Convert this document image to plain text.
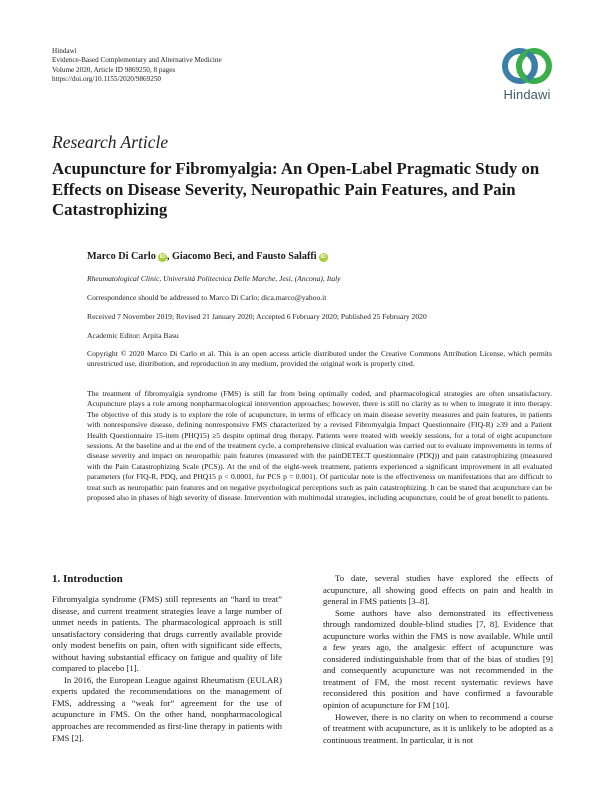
Hindawi
Evidence-Based Complementary and Alternative Medicine
Volume 2020, Article ID 9869250, 8 pages
https://doi.org/10.1155/2020/9869250
Hindawi
Research Article
Acupuncture for Fibromyalgia: An Open-Label Pragmatic Study on Effects on Disease Severity, Neuropathic Pain Features, and Pain Catastrophizing
Marco Di Carlo iD , Giacomo Beci, and Fausto Salaffi iD
Rheumatological Clinic, Università Politecnica Delle Marche, Jesi, (Ancona), Italy
Correspondence should be addressed to Marco Di Carlo; dica.marco@yahoo.it
Received 7 November 2019; Revised 21 January 2020; Accepted 6 February 2020; Published 25 February 2020
Academic Editor: Arpita Basu
Copyright © 2020 Marco Di Carlo et al. This is an open access article distributed under the Creative Commons Attribution License, which permits unrestricted use, distribution, and reproduction in any medium, provided the original work is properly cited.

The treatment of fibromyalgia syndrome (FMS) is still far from being optimally coded, and pharmacological strategies are often unsatisfactory. Acupuncture plays a role among nonpharmacological intervention approaches; however, there is still no clarity as to when to integrate it into therapy. The objective of this study is to explore the role of acupuncture, in terms of efficacy on main disease severity measures and pain features, in patients with nonresponsive disease, defining nonresponsive FMS characterized by a revised Fibromyalgia Impact Questionnaire (FIQ-R) ≥39 and a Patient Health Questionnaire 15-item (PHQ15) ≥5 despite optimal drug therapy. Patients were treated with weekly sessions, for a total of eight acupuncture sessions. At the baseline and at the end of the treatment cycle, a comprehensive clinical evaluation was carried out to evaluate improvements in terms of disease severity and impact on neuropathic pain features (measured with the painDETECT questionnaire (PDQ)) and pain catastrophizing (measured with the Pain Catastrophizing Scale (PCS)). At the end of the eight-week treatment, patients experienced a significant improvement in all evaluated parameters (for FIQ-R, PDQ, and PHQ15 p < 0.0001, for PCS p = 0.001). Of particular note is the effectiveness on manifestations that are difficult to treat such as neuropathic pain features and on negative psychological perceptions such as pain catastrophizing. It can be stated that acupuncture can be proposed also in phases of high severity of disease. Intervention with multimodal strategies, including acupuncture, could be of great benefit to patients.

1. Introduction

Fibromyalgia syndrome (FMS) still represents an “hard to treat” disease, and current treatment strategies leave a large number of unmet needs in patients. The pharmacological approach is still unsatisfactory considering that drugs currently available provide only modest benefits on pain, often with significant side effects, without having substantial efficacy on fatigue and quality of life compared to placebo [1].

In 2016, the European League against Rheumatism (EULAR) experts updated the recommendations on the management of FMS, addressing a “weak for” agreement for the use of acupuncture in FMS. On the other hand, nonpharmacological approaches are recommended as first-line therapy in patients with FMS [2].

To date, several studies have explored the effects of acupuncture, all showing good effects on pain and health in general in FMS patients [3–8].

Some authors have also demonstrated its effectiveness through randomized double-blind studies [7, 8]. Evidence that acupuncture works within the FMS is now available. While until a few years ago, the analgesic effect of acupuncture was considered indistinguishable from that of the bias of studies [9] and consequently acupuncture was not recommended in the treatment of FM, the most recent systematic reviews have reconsidered this position and have confirmed a favourable opinion of acupuncture for FM [10].

However, there is no clarity on when to recommend a course of treatment with acupuncture, as it is unlikely to be adopted as a continuous treatment. In particular, it is not
